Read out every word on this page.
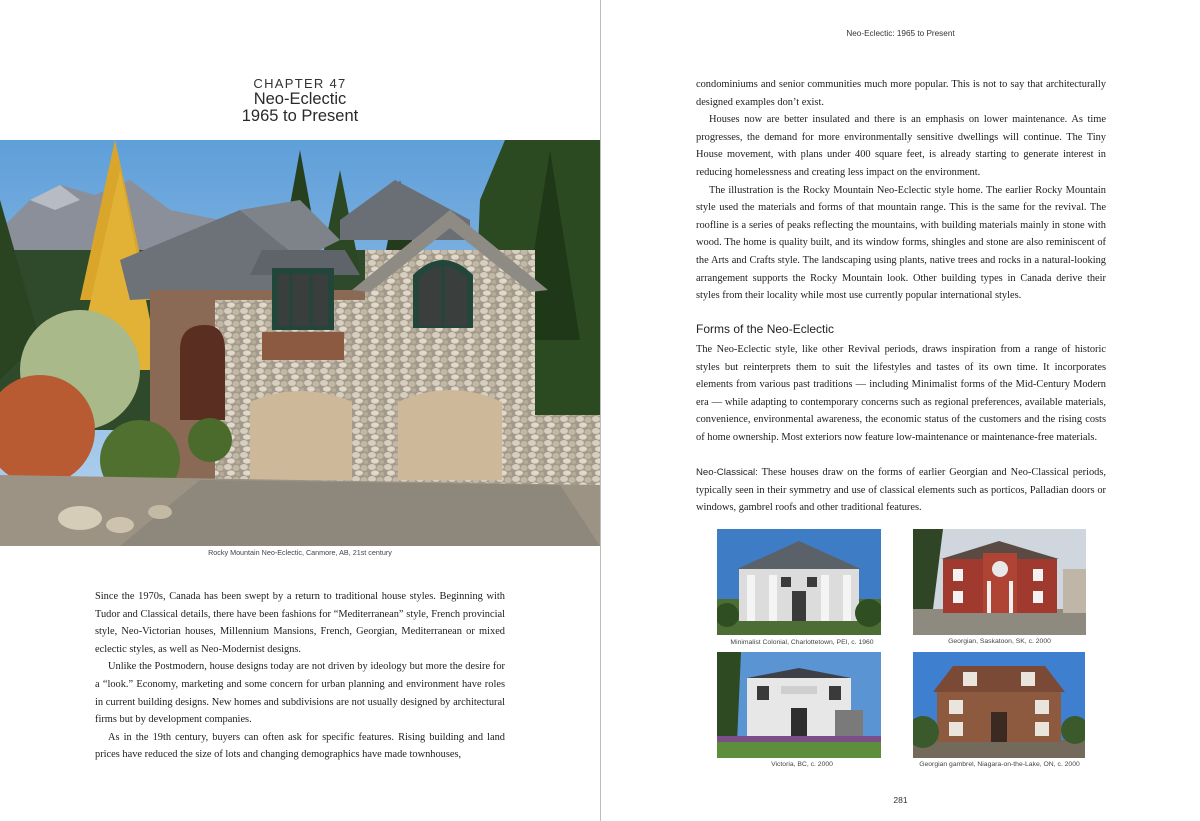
CHAPTER 47
Neo-Eclectic
1965 to Present
Rocky Mountain Neo-Eclectic, Canmore, AB, 21st century

Since the 1970s, Canada has been swept by a return to traditional house styles. Beginning with Tudor and Classical details, there have been fashions for “Mediterranean” style, French provincial style, Neo-Victorian houses, Millennium Mansions, French, Georgian, Mediterranean or mixed eclectic styles, as well as Neo-Modernist designs.

Unlike the Postmodern, house designs today are not driven by ideology but more the desire for a “look.” Economy, marketing and some concern for urban planning and environment have roles in current building designs. New homes and subdivisions are not usually designed by architectural firms but by development companies.

As in the 19th century, buyers can often ask for specific features. Rising building and land prices have reduced the size of lots and changing demographics have made townhouses,

Neo-Eclectic: 1965 to Present

condominiums and senior communities much more popular. This is not to say that architecturally designed examples don’t exist.

Houses now are better insulated and there is an emphasis on lower maintenance. As time progresses, the demand for more environmentally sensitive dwellings will continue. The Tiny House movement, with plans under 400 square feet, is already starting to generate interest in reducing homelessness and creating less impact on the environment.

The illustration is the Rocky Mountain Neo-Eclectic style home. The earlier Rocky Mountain style used the materials and forms of that mountain range. This is the same for the revival. The roofline is a series of peaks reflecting the mountains, with building materials mainly in stone with wood. The home is quality built, and its window forms, shingles and stone are also reminiscent of the Arts and Crafts style. The landscaping using plants, native trees and rocks in a natural-looking arrangement supports the Rocky Mountain look. Other building types in Canada derive their styles from their locality while most use currently popular international styles.

Forms of the Neo-Eclectic

The Neo-Eclectic style, like other Revival periods, draws inspiration from a range of historic styles but reinterprets them to suit the lifestyles and tastes of its own time. It incorporates elements from various past traditions — including Minimalist forms of the Mid-Century Modern era — while adapting to contemporary concerns such as regional preferences, available materials, convenience, environmental awareness, the economic status of the customers and the rising costs of home ownership. Most exteriors now feature low-maintenance or maintenance-free materials.

Neo-Classical: These houses draw on the forms of earlier Georgian and Neo-Classical periods, typically seen in their symmetry and use of classical elements such as porticos, Palladian doors or windows, gambrel roofs and other traditional features.

Minimalist Colonial, Charlottetown, PEI, c. 1960	Georgian, Saskatoon, SK, c. 2000
Victoria, BC, c. 2000	Georgian gambrel, Niagara-on-the-Lake, ON, c. 2000
281
